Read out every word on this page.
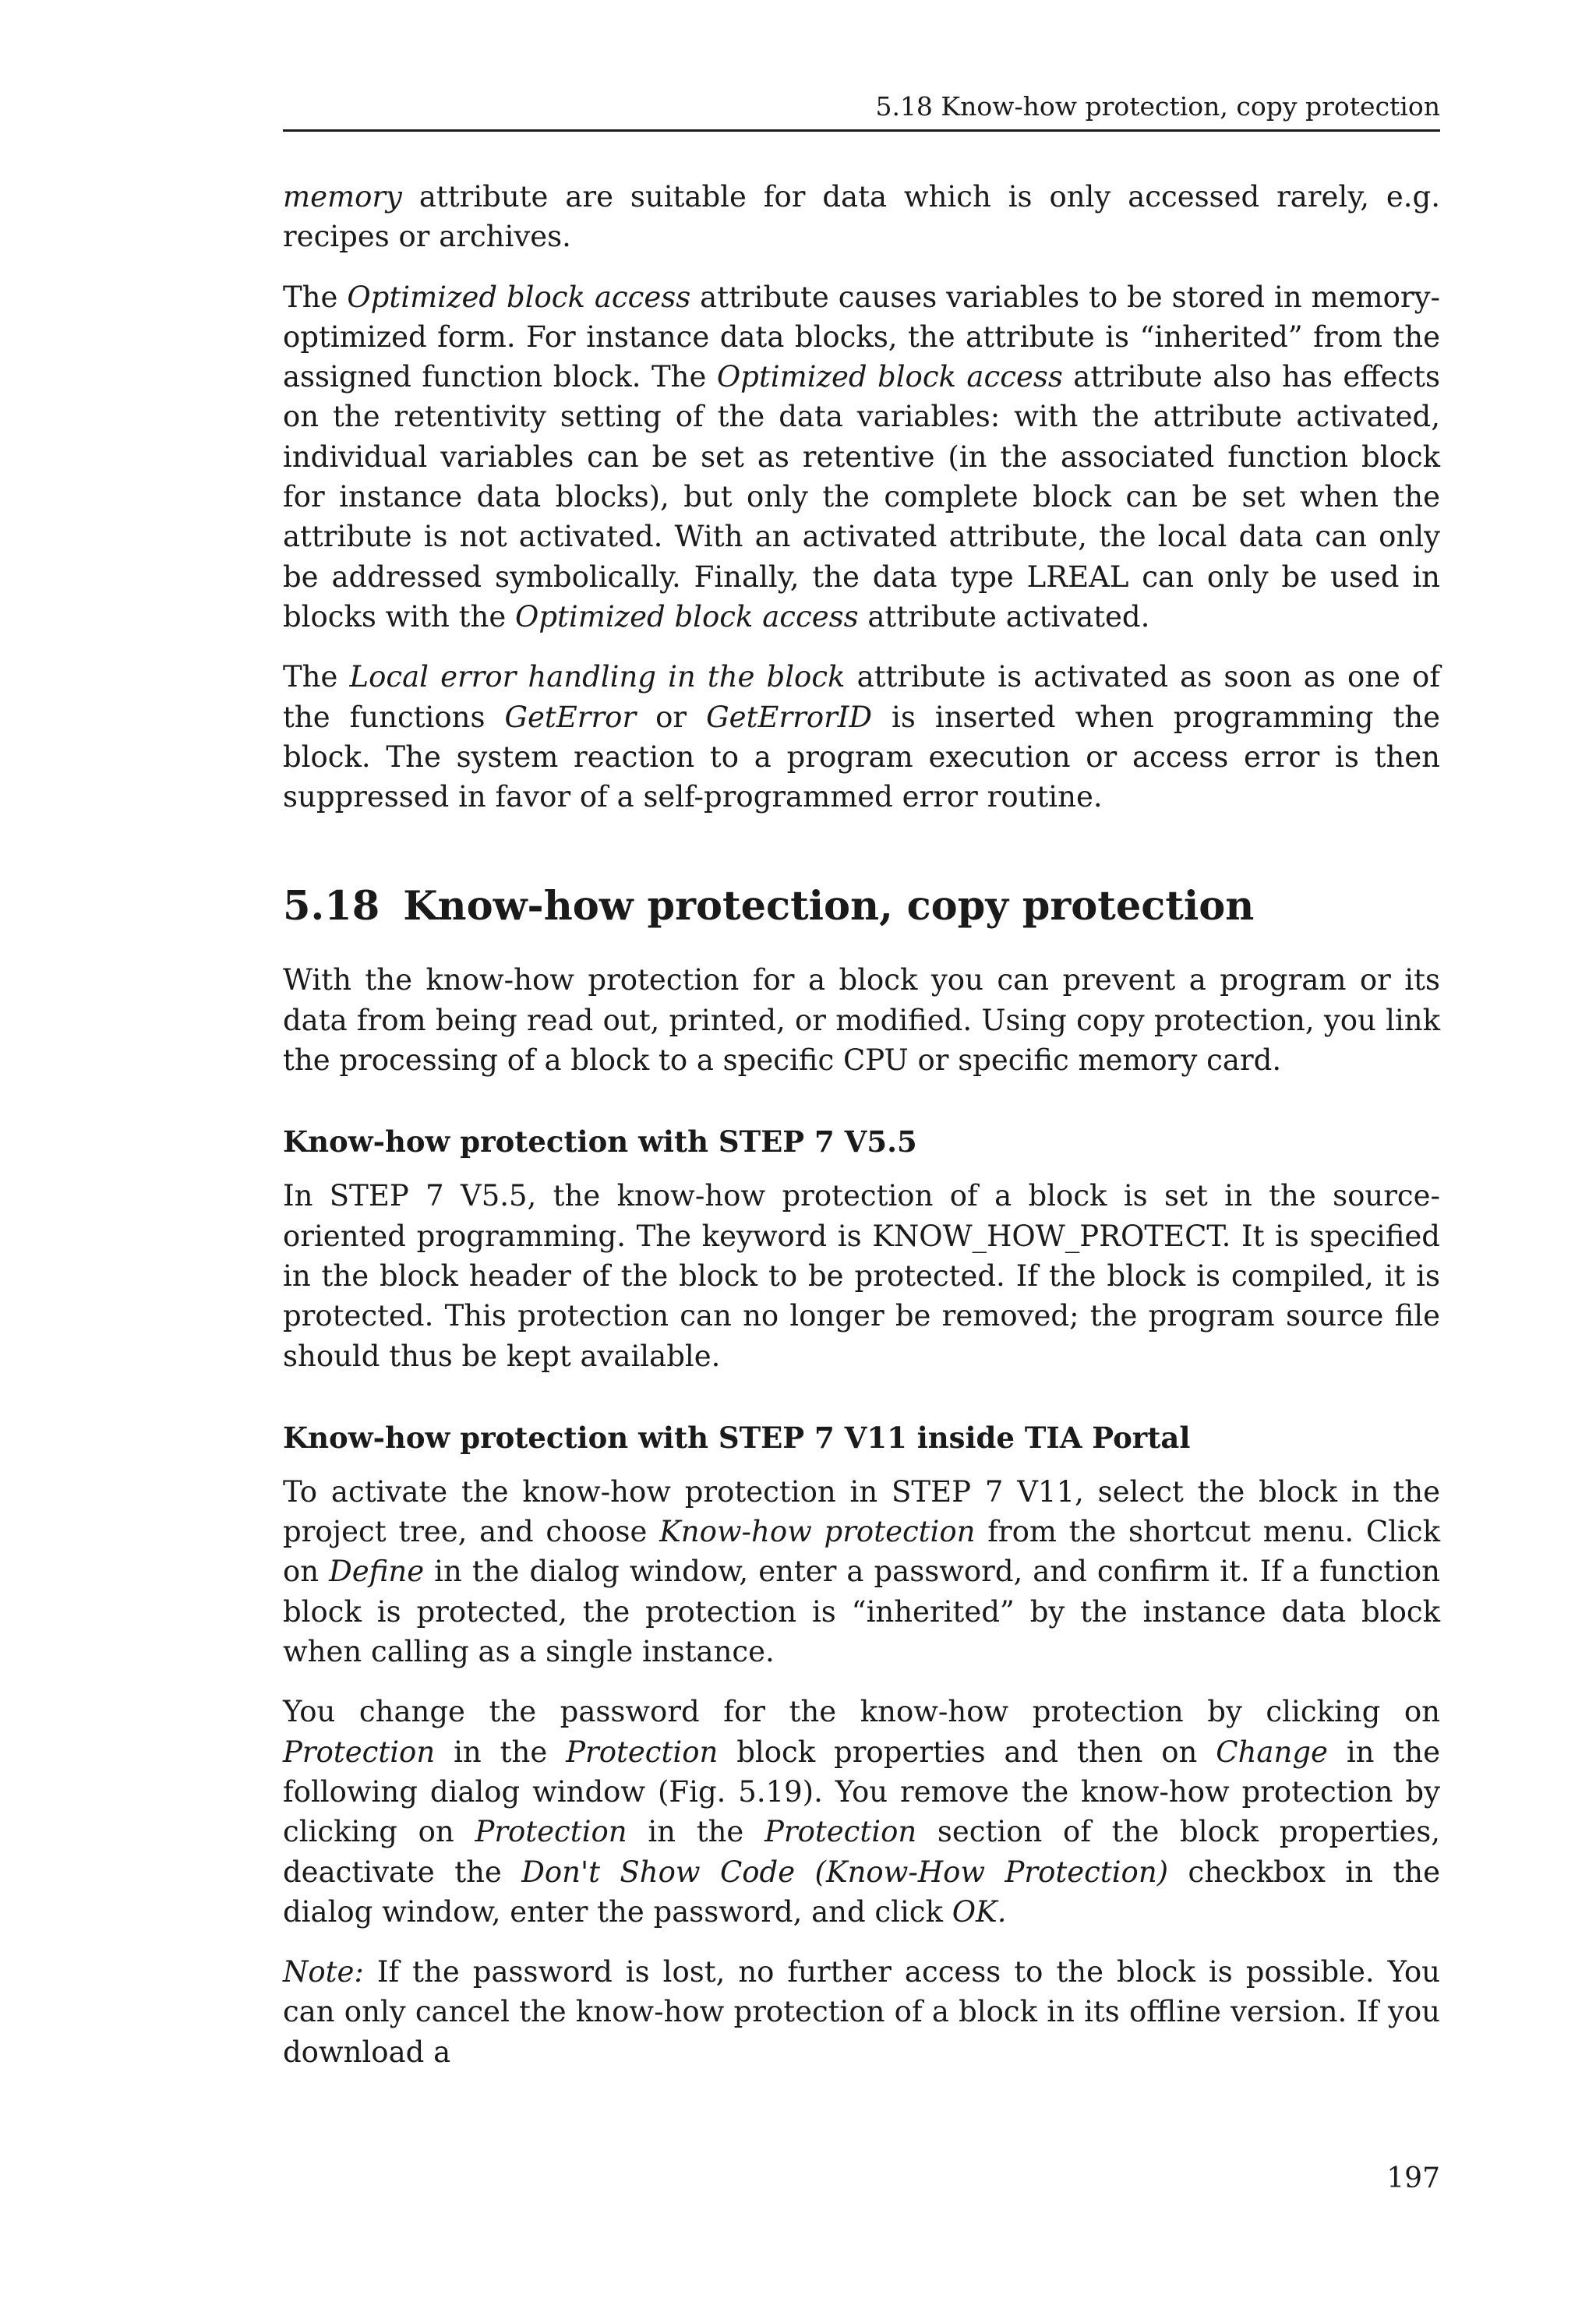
5.18 Know-how protection, copy protection

memory attribute are suitable for data which is only accessed rarely, e.g. recipes or archives.

The Optimized block access attribute causes variables to be stored in memory-optimized form. For instance data blocks, the attribute is “inherited” from the assigned function block. The Optimized block access attribute also has effects on the retentivity setting of the data variables: with the attribute activated, individual variables can be set as retentive (in the associated function block for instance data blocks), but only the complete block can be set when the attribute is not activated. With an activated attribute, the local data can only be addressed symbolically. Finally, the data type LREAL can only be used in blocks with the Optimized block access attribute activated.

The Local error handling in the block attribute is activated as soon as one of the functions GetError or GetErrorID is inserted when programming the block. The system reaction to a program execution or access error is then suppressed in favor of a self-programmed error routine.

5.18 Know-how protection, copy protection

With the know-how protection for a block you can prevent a program or its data from being read out, printed, or modified. Using copy protection, you link the processing of a block to a specific CPU or specific memory card.

Know-how protection with STEP 7 V5.5

In STEP 7 V5.5, the know-how protection of a block is set in the source-oriented programming. The keyword is KNOW_HOW_PROTECT. It is specified in the block header of the block to be protected. If the block is compiled, it is protected. This protection can no longer be removed; the program source file should thus be kept available.

Know-how protection with STEP 7 V11 inside TIA Portal

To activate the know-how protection in STEP 7 V11, select the block in the project tree, and choose Know-how protection from the shortcut menu. Click on Define in the dialog window, enter a password, and confirm it. If a function block is protected, the protection is “inherited” by the instance data block when calling as a single instance.

You change the password for the know-how protection by clicking on Protection in the Protection block properties and then on Change in the following dialog window (Fig. 5.19). You remove the know-how protection by clicking on Protection in the Protection section of the block properties, deactivate the Don't Show Code (Know-How Protection) checkbox in the dialog window, enter the password, and click OK.

Note: If the password is lost, no further access to the block is possible. You can only cancel the know-how protection of a block in its offline version. If you download a

197
